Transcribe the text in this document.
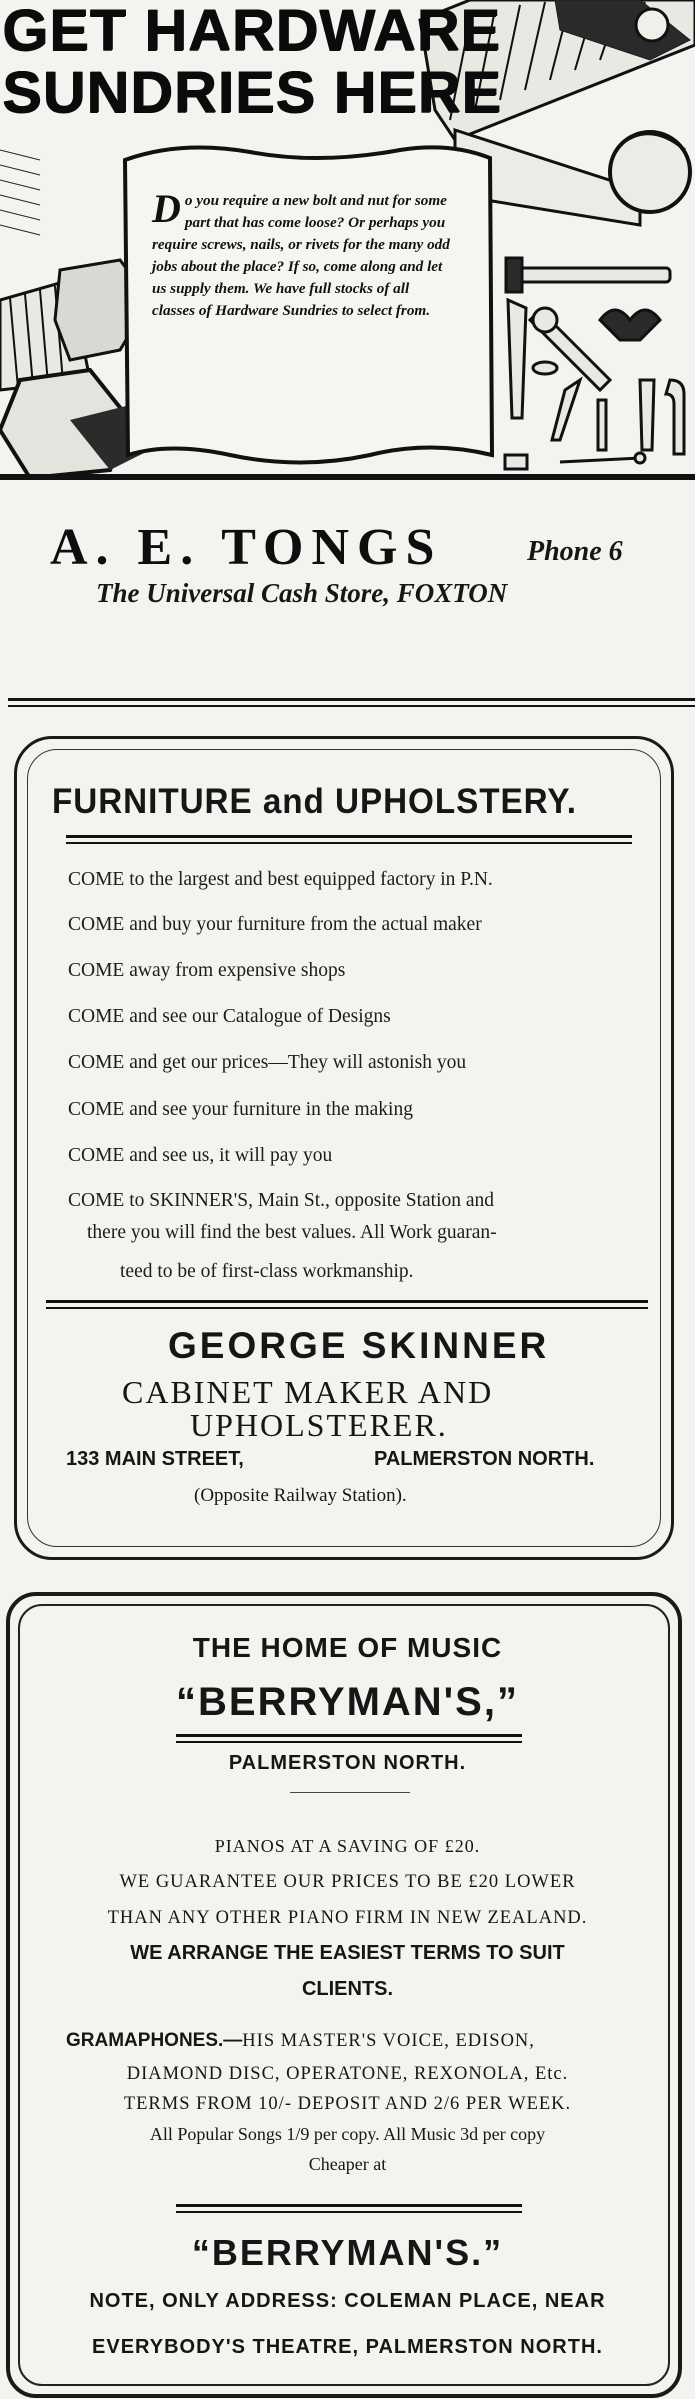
GET HARDWARE
SUNDRIES HERE

Do you require a new bolt and nut for some part that has come loose? Or perhaps you require screws, nails, or rivets for the many odd jobs about the place? If so, come along and let us supply them. We have full stocks of all classes of Hardware Sundries to select from.

A. E. TONGS	Phone 6
The Universal Cash Store, FOXTON
FURNITURE and UPHOLSTERY.
COME to the largest and best equipped factory in P.N.
COME and buy your furniture from the actual maker
COME away from expensive shops
COME and see our Catalogue of Designs
COME and get our prices—They will astonish you
COME and see your furniture in the making
COME and see us, it will pay you
COME to SKINNER'S, Main St., opposite Station and
there you will find the best values. All Work guaran-
teed to be of first-class workmanship.
GEORGE SKINNER
CABINET MAKER AND
UPHOLSTERER.
133 MAIN STREET,	PALMERSTON NORTH.
(Opposite Railway Station).
THE HOME OF MUSIC
“BERRYMAN'S,”
PALMERSTON NORTH.
PIANOS AT A SAVING OF £20.
WE GUARANTEE OUR PRICES TO BE £20 LOWER
THAN ANY OTHER PIANO FIRM IN NEW ZEALAND.
WE ARRANGE THE EASIEST TERMS TO SUIT
CLIENTS.
GRAMAPHONES.—HIS MASTER'S VOICE, EDISON,
DIAMOND DISC, OPERATONE, REXONOLA, Etc.
TERMS FROM 10/- DEPOSIT AND 2/6 PER WEEK.
All Popular Songs 1/9 per copy. All Music 3d per copy
Cheaper at
“BERRYMAN'S.”
NOTE, ONLY ADDRESS: COLEMAN PLACE, NEAR
EVERYBODY'S THEATRE, PALMERSTON NORTH.
